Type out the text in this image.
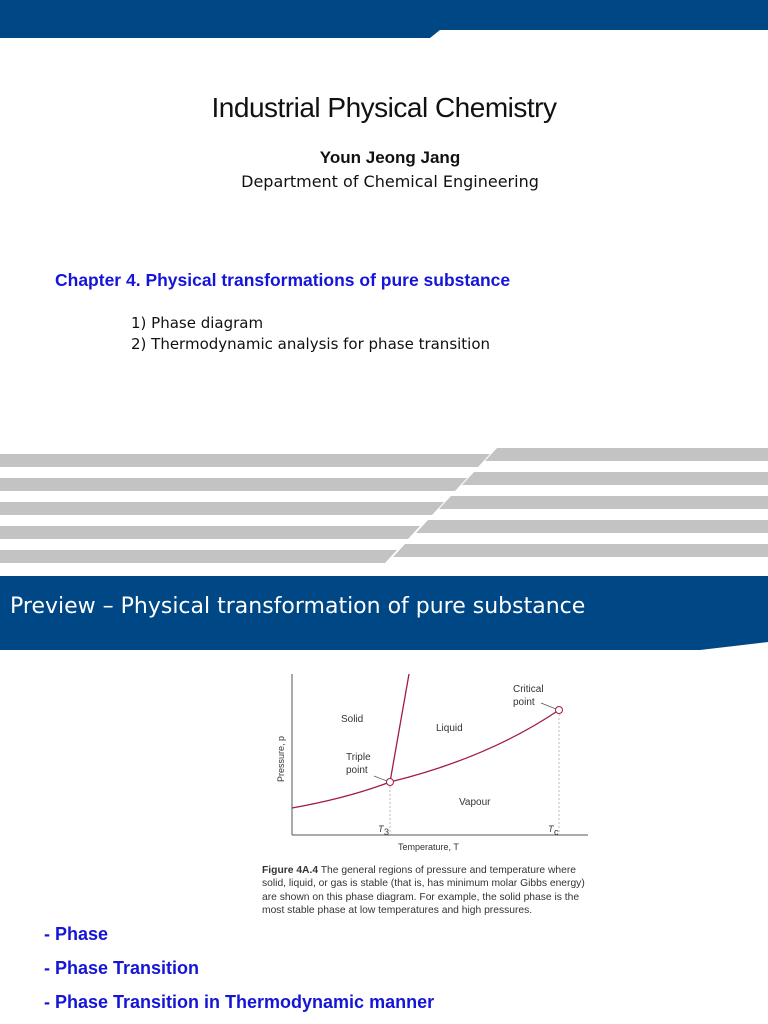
Industrial Physical Chemistry
Youn Jeong Jang
Department of Chemical Engineering
Chapter 4. Physical transformations of pure substance
1) Phase diagram
2) Thermodynamic analysis for phase transition
Preview – Physical transformation of pure substance
Solid
Liquid
Vapour
Critical
point
Triple
point
Pressure, p
Temperature, T
T 3	T c
Figure 4A.4 The general regions of pressure and temperature where solid, liquid, or gas is stable (that is, has minimum molar Gibbs energy) are shown on this phase diagram. For example, the solid phase is the most stable phase at low temperatures and high pressures.
- Phase
- Phase Transition
- Phase Transition in Thermodynamic manner
